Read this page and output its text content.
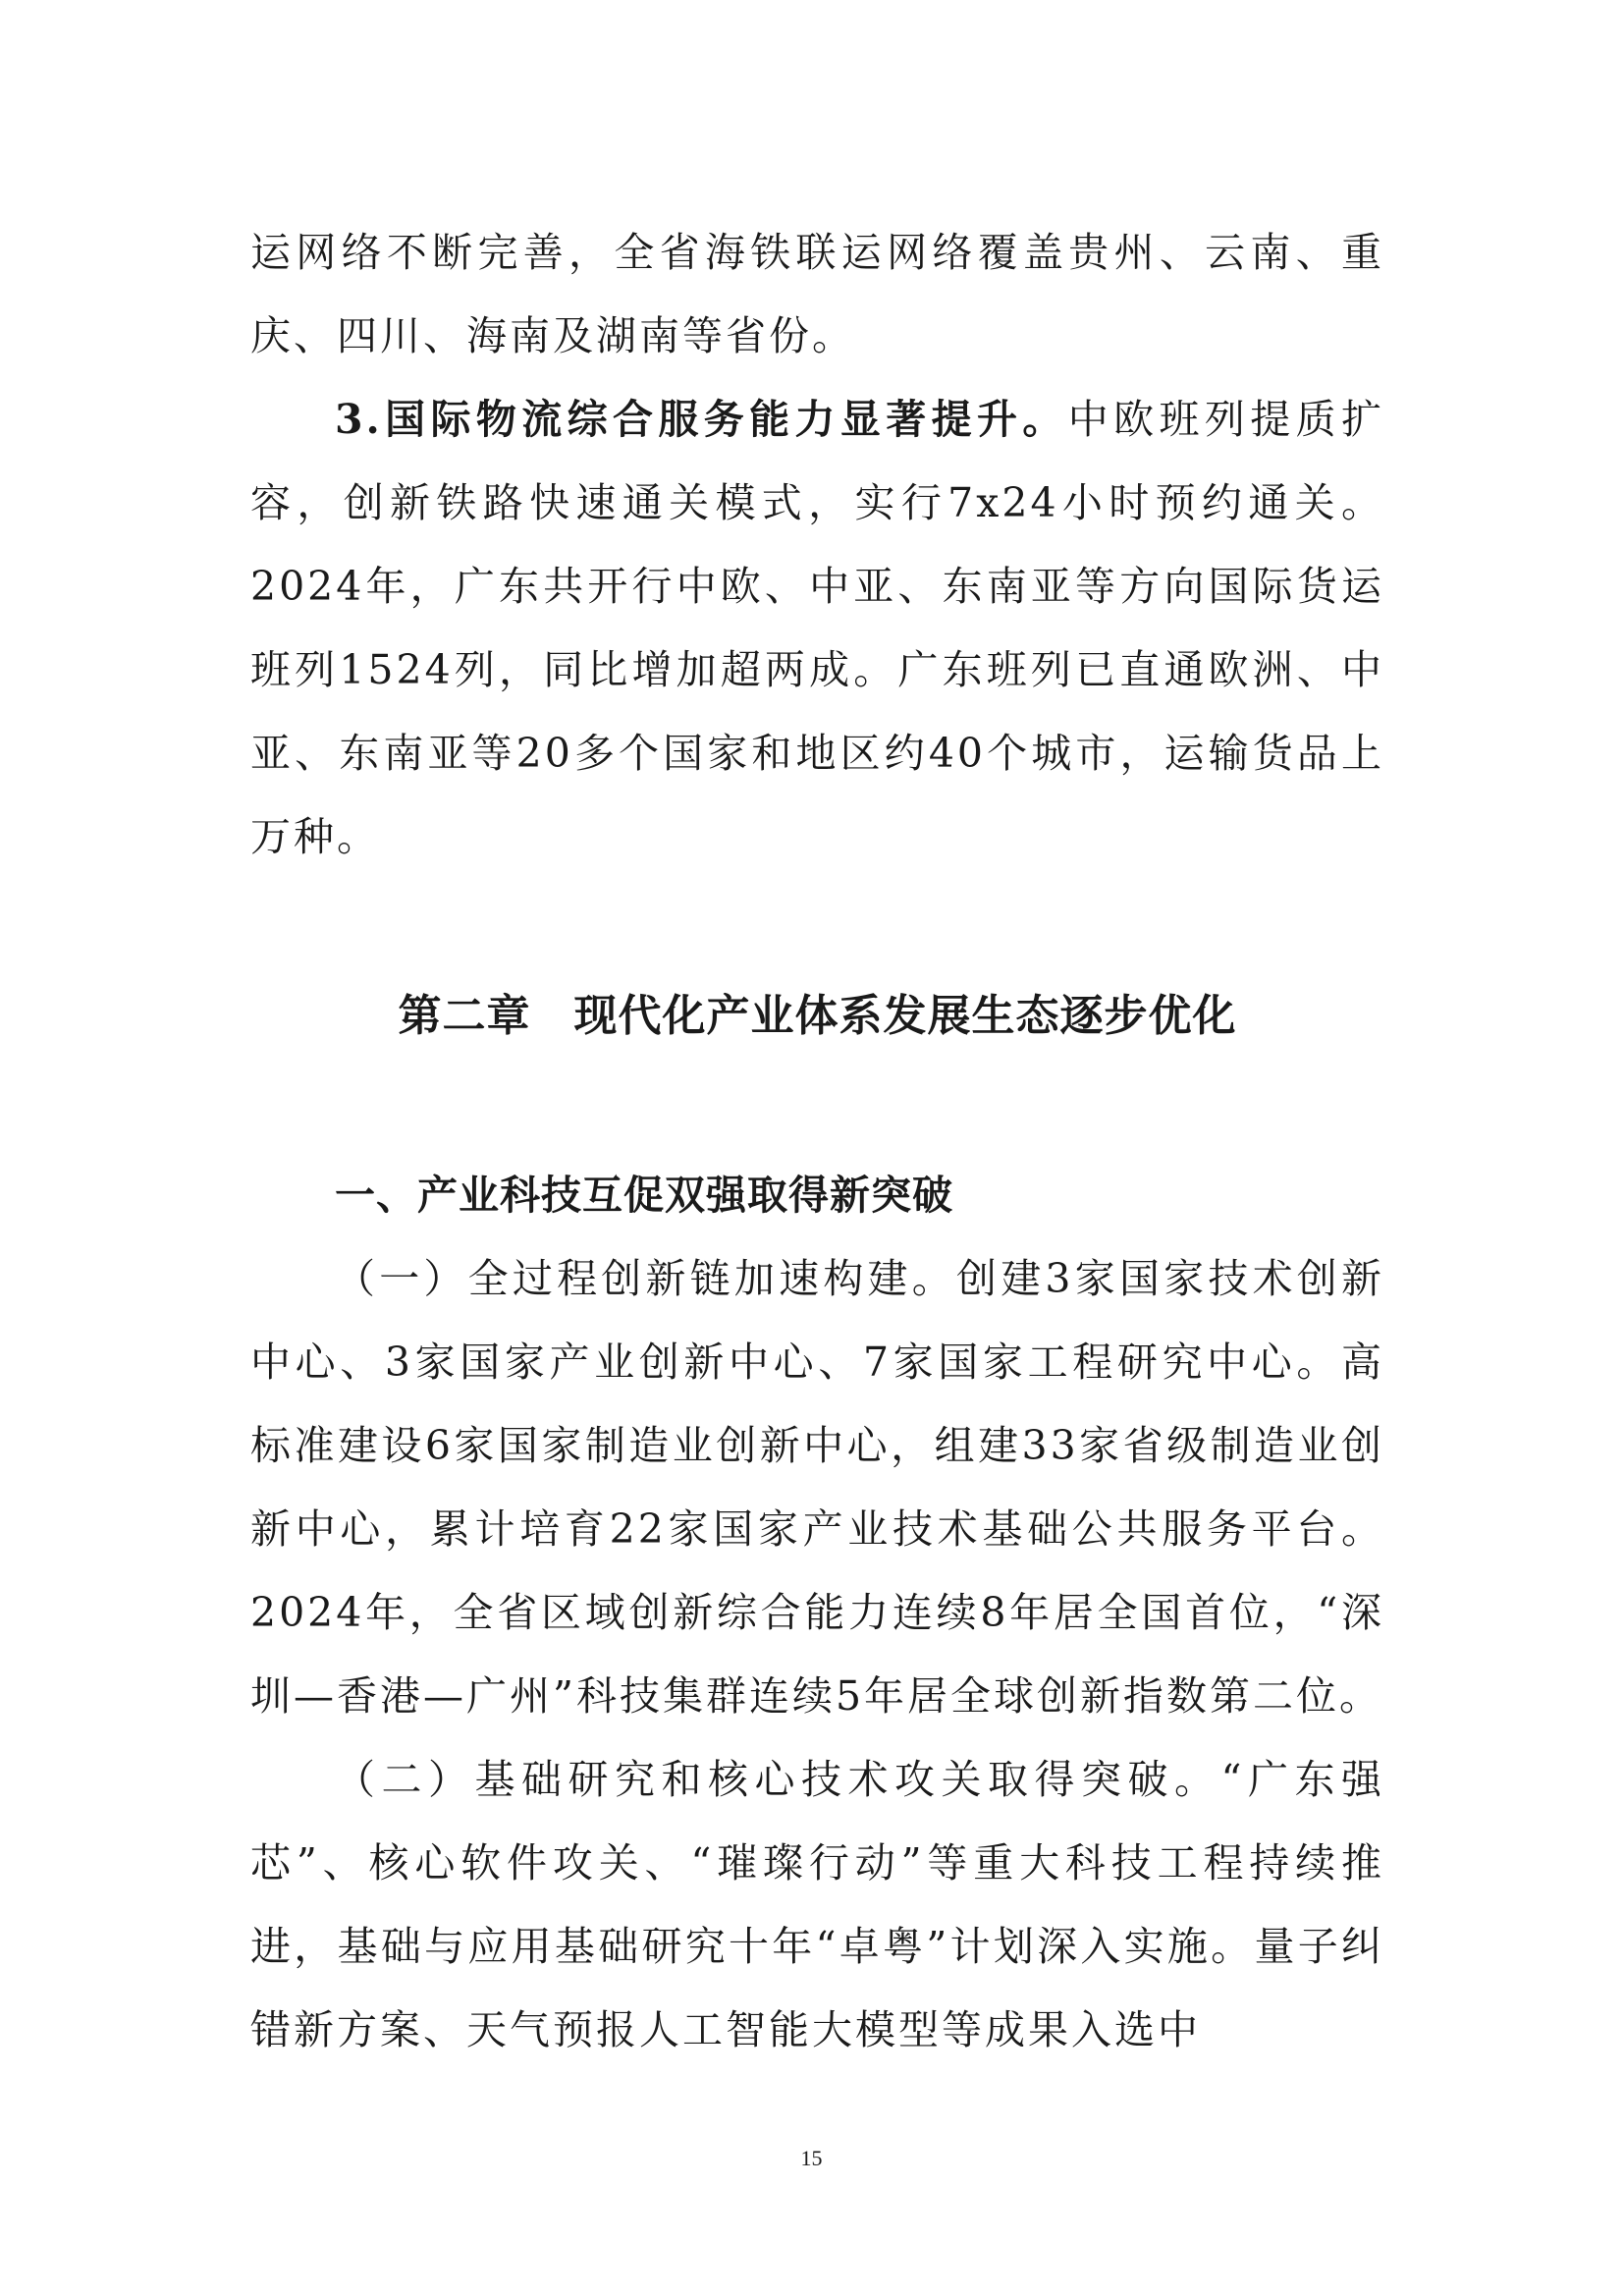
运网络不断完善，全省海铁联运网络覆盖贵州、云南、重庆、四川、海南及湖南等省份。

3.国际物流综合服务能力显著提升。中欧班列提质扩容，创新铁路快速通关模式，实行7x24小时预约通关。2024年，广东共开行中欧、中亚、东南亚等方向国际货运班列1524列，同比增加超两成。广东班列已直通欧洲、中亚、东南亚等20多个国家和地区约40个城市，运输货品上万种。

第二章 现代化产业体系发展生态逐步优化
一、产业科技互促双强取得新突破

（一）全过程创新链加速构建。创建3家国家技术创新中心、3家国家产业创新中心、7家国家工程研究中心。高标准建设6家国家制造业创新中心，组建33家省级制造业创新中心，累计培育22家国家产业技术基础公共服务平台。2024年，全省区域创新综合能力连续8年居全国首位，“深圳—香港—广州”科技集群连续5年居全球创新指数第二位。

（二）基础研究和核心技术攻关取得突破。“广东强芯”、核心软件攻关、“璀璨行动”等重大科技工程持续推进，基础与应用基础研究十年“卓粤”计划深入实施。量子纠错新方案、天气预报人工智能大模型等成果入选中

15
